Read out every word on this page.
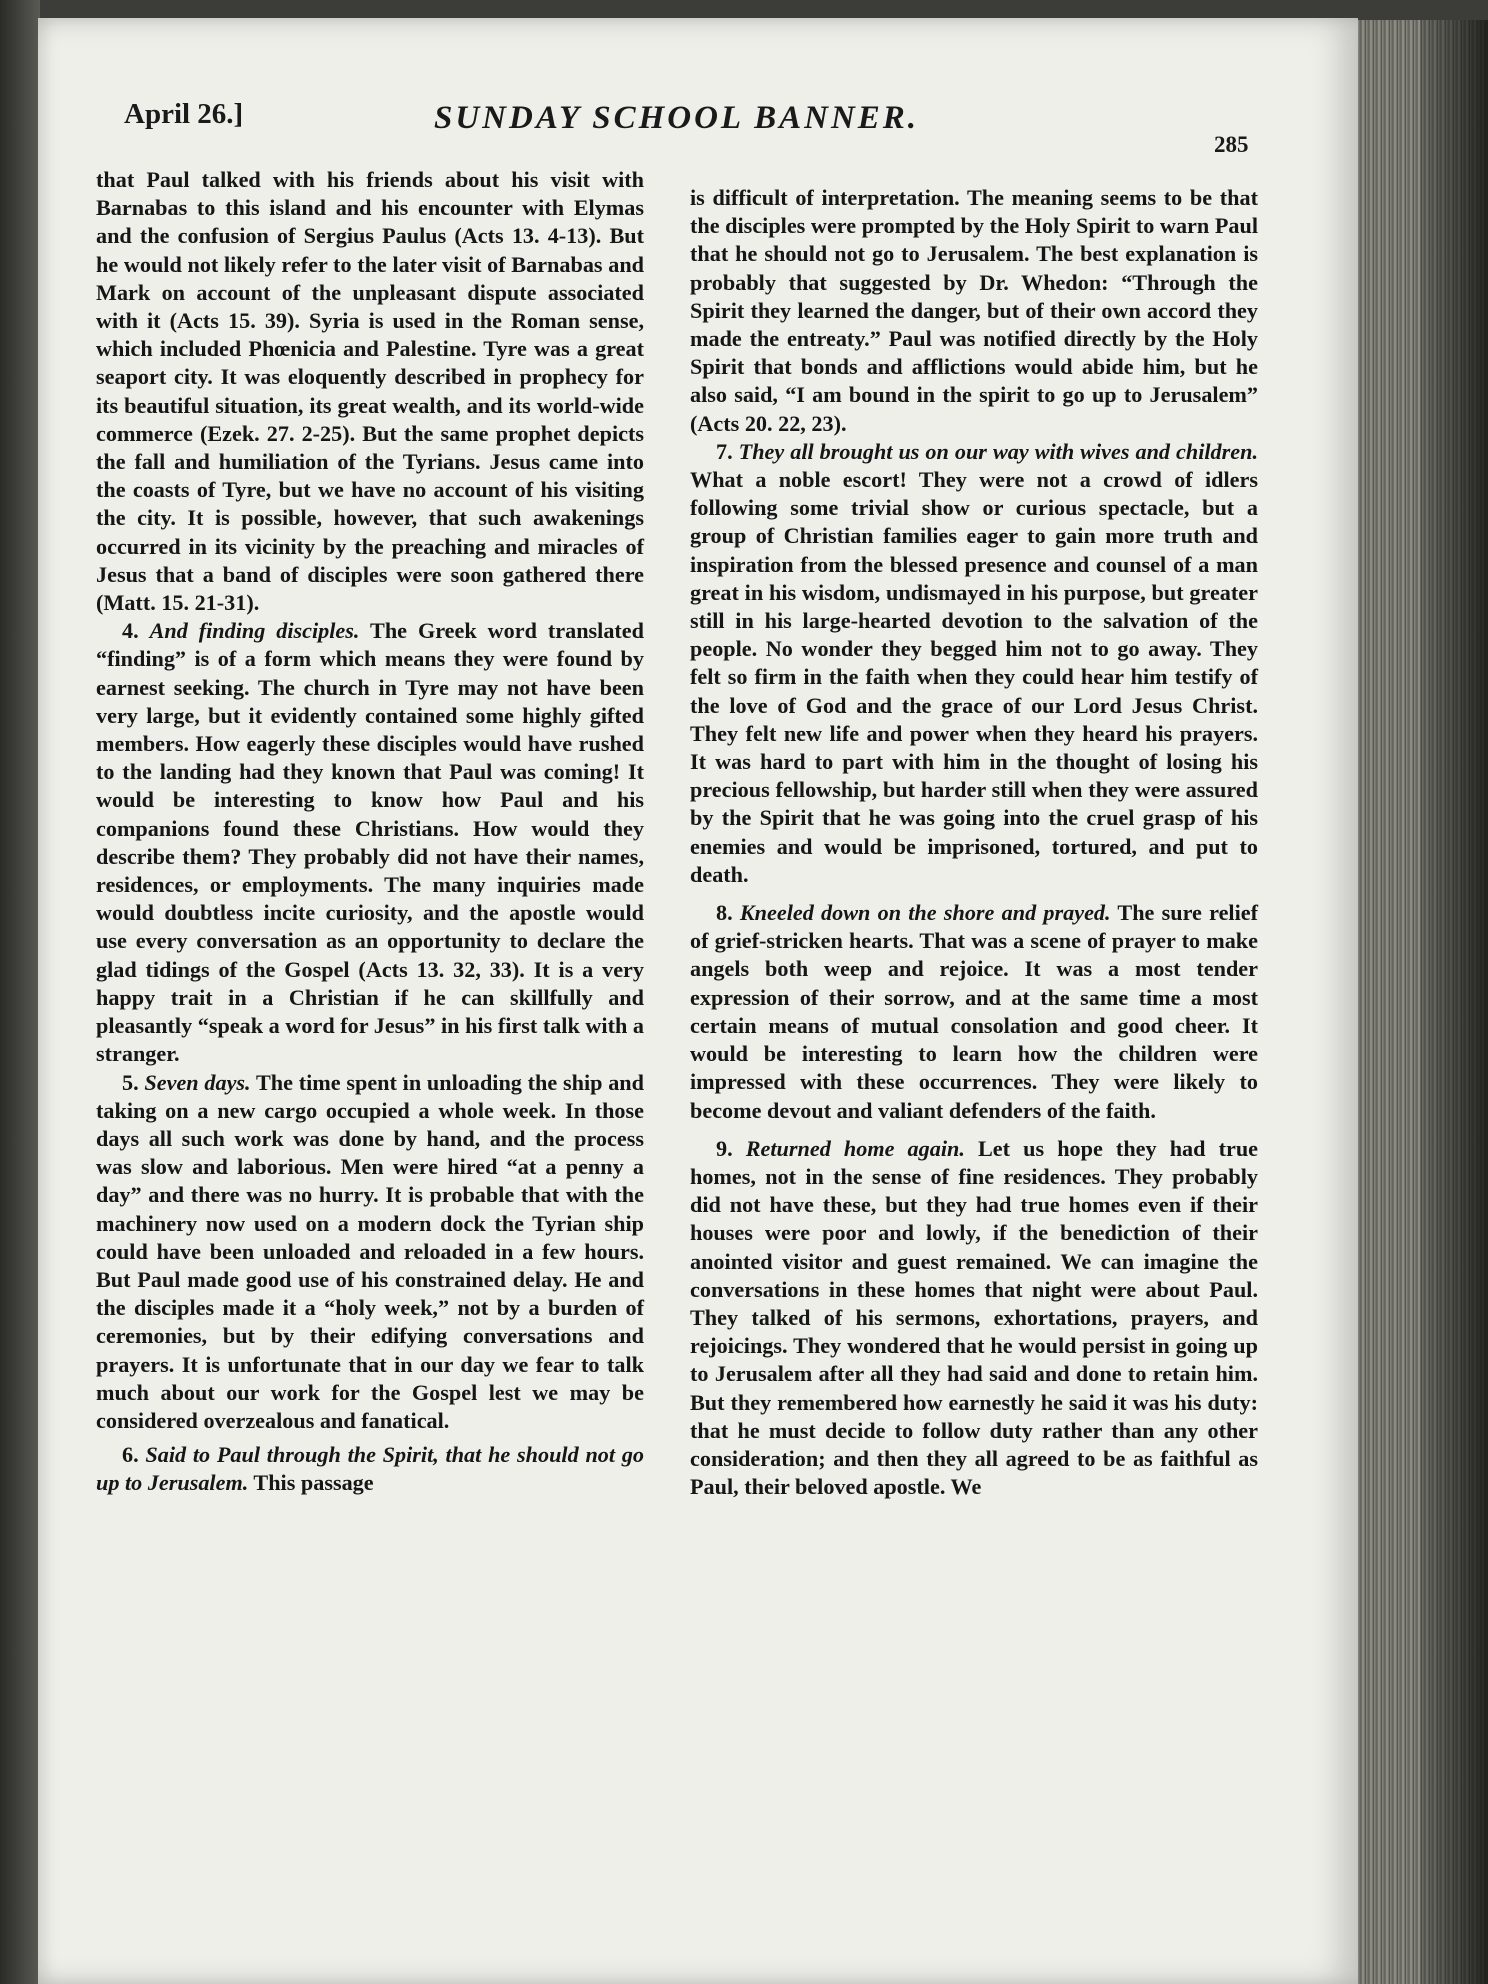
April 26.]	SUNDAY SCHOOL BANNER.
285

that Paul talked with his friends about his visit with Barnabas to this island and his encounter with Elymas and the confusion of Sergius Paulus (Acts 13. 4-13). But he would not likely refer to the later visit of Barnabas and Mark on account of the unpleasant dispute associated with it (Acts 15. 39). Syria is used in the Roman sense, which included Phœnicia and Palestine. Tyre was a great seaport city. It was eloquently described in prophecy for its beautiful situation, its great wealth, and its world-wide commerce (Ezek. 27. 2-25). But the same prophet depicts the fall and humiliation of the Tyrians. Jesus came into the coasts of Tyre, but we have no account of his visiting the city. It is possible, however, that such awakenings occurred in its vicinity by the preaching and miracles of Jesus that a band of disciples were soon gathered there (Matt. 15. 21-31).

4. And finding disciples. The Greek word translated “finding” is of a form which means they were found by earnest seeking. The church in Tyre may not have been very large, but it evidently contained some highly gifted members. How eagerly these disciples would have rushed to the landing had they known that Paul was coming! It would be interesting to know how Paul and his companions found these Christians. How would they describe them? They probably did not have their names, residences, or employments. The many inquiries made would doubtless incite curiosity, and the apostle would use every conversation as an opportunity to declare the glad tidings of the Gospel (Acts 13. 32, 33). It is a very happy trait in a Christian if he can skillfully and pleasantly “speak a word for Jesus” in his first talk with a stranger.

5. Seven days. The time spent in unloading the ship and taking on a new cargo occupied a whole week. In those days all such work was done by hand, and the process was slow and laborious. Men were hired “at a penny a day” and there was no hurry. It is probable that with the machinery now used on a modern dock the Tyrian ship could have been unloaded and reloaded in a few hours. But Paul made good use of his constrained delay. He and the disciples made it a “holy week,” not by a burden of ceremonies, but by their edifying conversations and prayers. It is unfortunate that in our day we fear to talk much about our work for the Gospel lest we may be considered overzealous and fanatical.

6. Said to Paul through the Spirit, that he should not go up to Jerusalem. This passage

is difficult of interpretation. The meaning seems to be that the disciples were prompted by the Holy Spirit to warn Paul that he should not go to Jerusalem. The best explanation is probably that suggested by Dr. Whedon: “Through the Spirit they learned the danger, but of their own accord they made the entreaty.” Paul was notified directly by the Holy Spirit that bonds and afflictions would abide him, but he also said, “I am bound in the spirit to go up to Jerusalem” (Acts 20. 22, 23).

7. They all brought us on our way with wives and children. What a noble escort! They were not a crowd of idlers following some trivial show or curious spectacle, but a group of Christian families eager to gain more truth and inspiration from the blessed presence and counsel of a man great in his wisdom, undismayed in his purpose, but greater still in his large-hearted devotion to the salvation of the people. No wonder they begged him not to go away. They felt so firm in the faith when they could hear him testify of the love of God and the grace of our Lord Jesus Christ. They felt new life and power when they heard his prayers. It was hard to part with him in the thought of losing his precious fellowship, but harder still when they were assured by the Spirit that he was going into the cruel grasp of his enemies and would be imprisoned, tortured, and put to death.

8. Kneeled down on the shore and prayed. The sure relief of grief-stricken hearts. That was a scene of prayer to make angels both weep and rejoice. It was a most tender expression of their sorrow, and at the same time a most certain means of mutual consolation and good cheer. It would be interesting to learn how the children were impressed with these occurrences. They were likely to become devout and valiant defenders of the faith.

9. Returned home again. Let us hope they had true homes, not in the sense of fine residences. They probably did not have these, but they had true homes even if their houses were poor and lowly, if the benediction of their anointed visitor and guest remained. We can imagine the conversations in these homes that night were about Paul. They talked of his sermons, exhortations, prayers, and rejoicings. They wondered that he would persist in going up to Jerusalem after all they had said and done to retain him. But they remembered how earnestly he said it was his duty: that he must decide to follow duty rather than any other consideration; and then they all agreed to be as faithful as Paul, their beloved apostle. We
